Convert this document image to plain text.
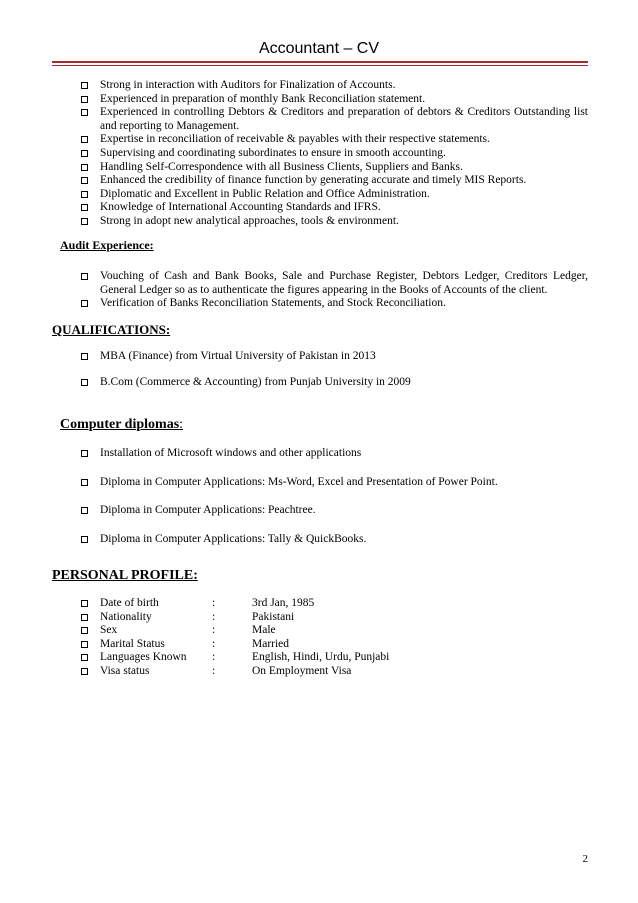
Accountant – CV
Strong in interaction with Auditors for Finalization of Accounts.
Experienced in preparation of monthly Bank Reconciliation statement.
Experienced in controlling Debtors & Creditors and preparation of debtors & Creditors Outstanding list and reporting to Management.
Expertise in reconciliation of receivable & payables with their respective statements.
Supervising and coordinating subordinates to ensure in smooth accounting.
Handling Self-Correspondence with all Business Clients, Suppliers and Banks.
Enhanced the credibility of finance function by generating accurate and timely MIS Reports.
Diplomatic and Excellent in Public Relation and Office Administration.
Knowledge of International Accounting Standards and IFRS.
Strong in adopt new analytical approaches, tools & environment.
Audit Experience:
Vouching of Cash and Bank Books, Sale and Purchase Register, Debtors Ledger, Creditors Ledger, General Ledger so as to authenticate the figures appearing in the Books of Accounts of the client.
Verification of Banks Reconciliation Statements, and Stock Reconciliation.
QUALIFICATIONS:
MBA (Finance) from Virtual University of Pakistan in 2013
B.Com (Commerce & Accounting) from Punjab University in 2009
Computer diplomas:
Installation of Microsoft windows and other applications
Diploma in Computer Applications: Ms-Word, Excel and Presentation of Power Point.
Diploma in Computer Applications: Peachtree.
Diploma in Computer Applications: Tally & QuickBooks.
PERSONAL PROFILE:
Date of birth	:	3rd Jan, 1985
Nationality	:	Pakistani
Sex	:	Male
Marital Status	:	Married
Languages Known :	English, Hindi, Urdu, Punjabi
Visa status	:	On Employment Visa
2
